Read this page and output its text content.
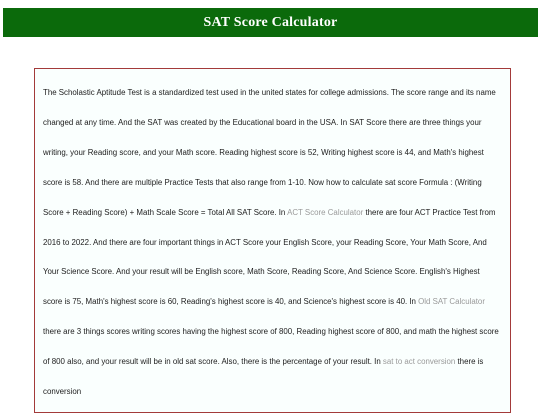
SAT Score Calculator

The Scholastic Aptitude Test is a standardized test used in the united states for college admissions. The score range and its name changed at any time. And the SAT was created by the Educational board in the USA. In SAT Score there are three things your writing, your Reading score, and your Math score. Reading highest score is 52, Writing highest score is 44, and Math's highest score is 58. And there are multiple Practice Tests that also range from 1-10. Now how to calculate sat score Formula : (Writing Score + Reading Score) + Math Scale Score = Total All SAT Score. In ACT Score Calculator there are four ACT Practice Test from 2016 to 2022. And there are four important things in ACT Score your English Score, your Reading Score, Your Math Score, And Your Science Score. And your result will be English score, Math Score, Reading Score, And Science Score. English's Highest score is 75, Math's highest score is 60, Reading's highest score is 40, and Science's highest score is 40. In Old SAT Calculator there are 3 things scores writing scores having the highest score of 800, Reading highest score of 800, and math the highest score of 800 also, and your result will be in old sat score. Also, there is the percentage of your result. In sat to act conversion there is conversion
